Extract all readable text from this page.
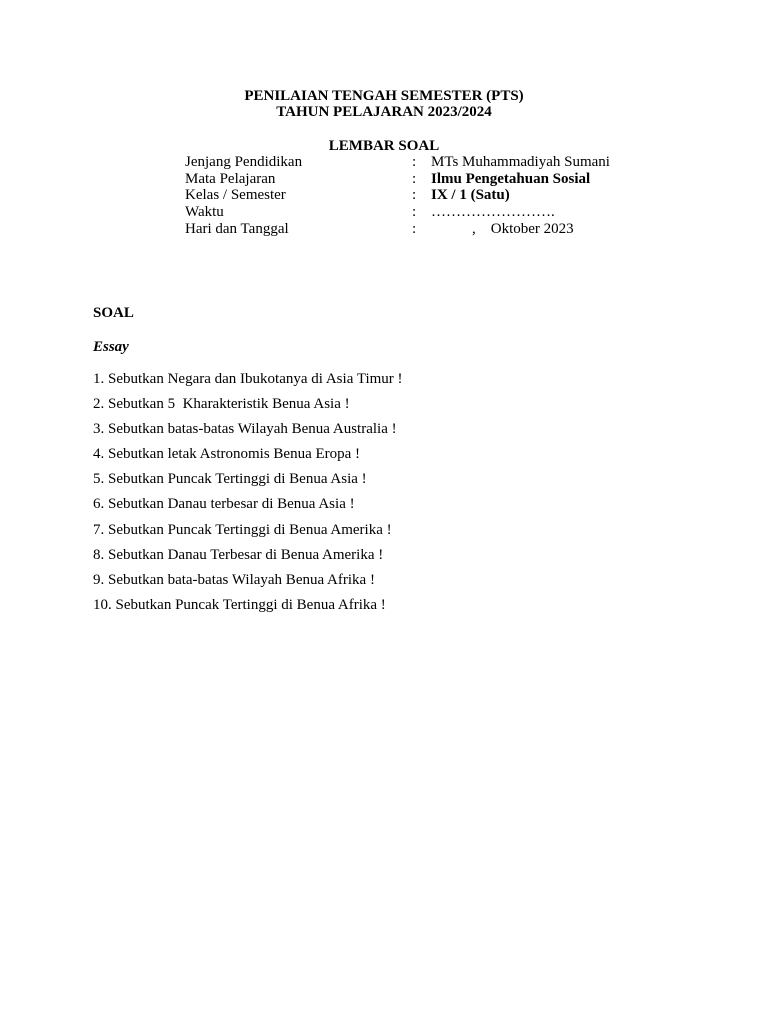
PENILAIAN TENGAH SEMESTER (PTS)
TAHUN PELAJARAN 2023/2024
LEMBAR SOAL
Jenjang Pendidikan	: MTs Muhammadiyah Sumani
Mata Pelajaran	: Ilmu Pengetahuan Sosial
Kelas / Semester	: IX / 1 (Satu)
Waktu	: …………………….
Hari dan Tanggal	:	,    Oktober 2023
SOAL
Essay
1. Sebutkan Negara dan Ibukotanya di Asia Timur !
2. Sebutkan 5  Kharakteristik Benua Asia !
3. Sebutkan batas-batas Wilayah Benua Australia !
4. Sebutkan letak Astronomis Benua Eropa !
5. Sebutkan Puncak Tertinggi di Benua Asia !
6. Sebutkan Danau terbesar di Benua Asia !
7. Sebutkan Puncak Tertinggi di Benua Amerika !
8. Sebutkan Danau Terbesar di Benua Amerika !
9. Sebutkan bata-batas Wilayah Benua Afrika !
10. Sebutkan Puncak Tertinggi di Benua Afrika !
